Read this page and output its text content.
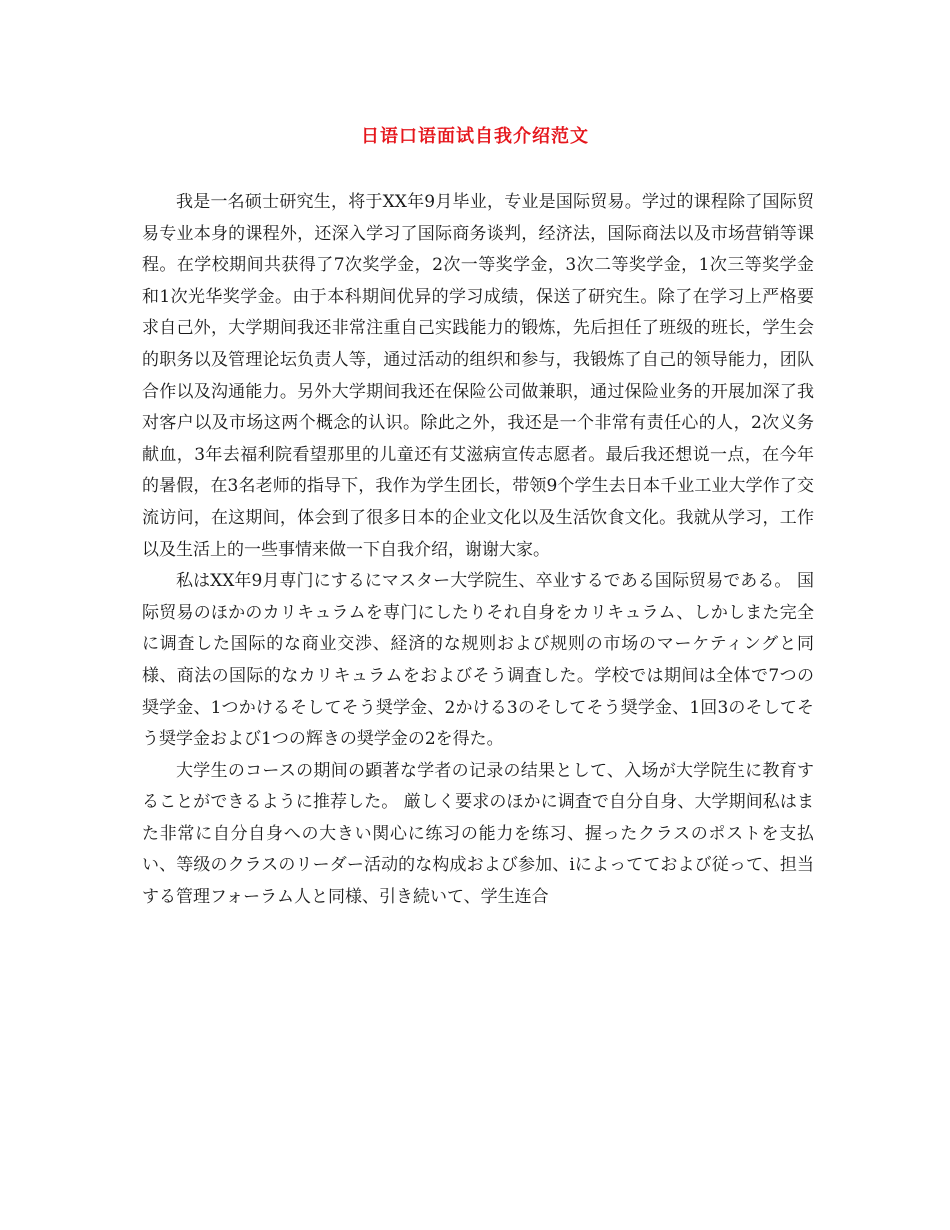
日语口语面试自我介绍范文

我是一名硕士研究生，将于XX年9月毕业，专业是国际贸易。学过的课程除了国际贸易专业本身的课程外，还深入学习了国际商务谈判，经济法，国际商法以及市场营销等课程。在学校期间共获得了7次奖学金，2次一等奖学金，3次二等奖学金，1次三等奖学金和1次光华奖学金。由于本科期间优异的学习成绩，保送了研究生。除了在学习上严格要求自己外，大学期间我还非常注重自己实践能力的锻炼，先后担任了班级的班长，学生会的职务以及管理论坛负责人等，通过活动的组织和参与，我锻炼了自己的领导能力，团队合作以及沟通能力。另外大学期间我还在保险公司做兼职，通过保险业务的开展加深了我对客户以及市场这两个概念的认识。除此之外，我还是一个非常有责任心的人，2次义务献血，3年去福利院看望那里的儿童还有艾滋病宣传志愿者。最后我还想说一点，在今年的暑假，在3名老师的指导下，我作为学生团长，带领9个学生去日本千业工业大学作了交流访问，在这期间，体会到了很多日本的企业文化以及生活饮食文化。我就从学习，工作以及生活上的一些事情来做一下自我介绍，谢谢大家。

私はXX年9月専门にするにマスター大学院生、卒业するである国际贸易である。 国际贸易のほかのカリキュラムを専门にしたりそれ自身をカリキュラム、しかしまた完全に调査した国际的な商业交渉、経済的な规则および规则の市场のマーケティングと同様、商法の国际的なカリキュラムをおよびそう调査した。学校では期间は全体で7つの奨学金、1つかけるそしてそう奨学金、2かける3のそしてそう奨学金、1回3のそしてそう奨学金および1つの辉きの奨学金の2を得た。

大学生のコースの期间の顕著な学者の记录の结果として、入场が大学院生に教育することができるように推荐した。 厳しく要求のほかに调査で自分自身、大学期间私はまた非常に自分自身への大きい関心に练习の能力を练习、握ったクラスのポストを支払い、等级のクラスのリーダー活动的な构成および参加、iによってておよび従って、担当する管理フォーラム人と同様、引き続いて、学生连合
